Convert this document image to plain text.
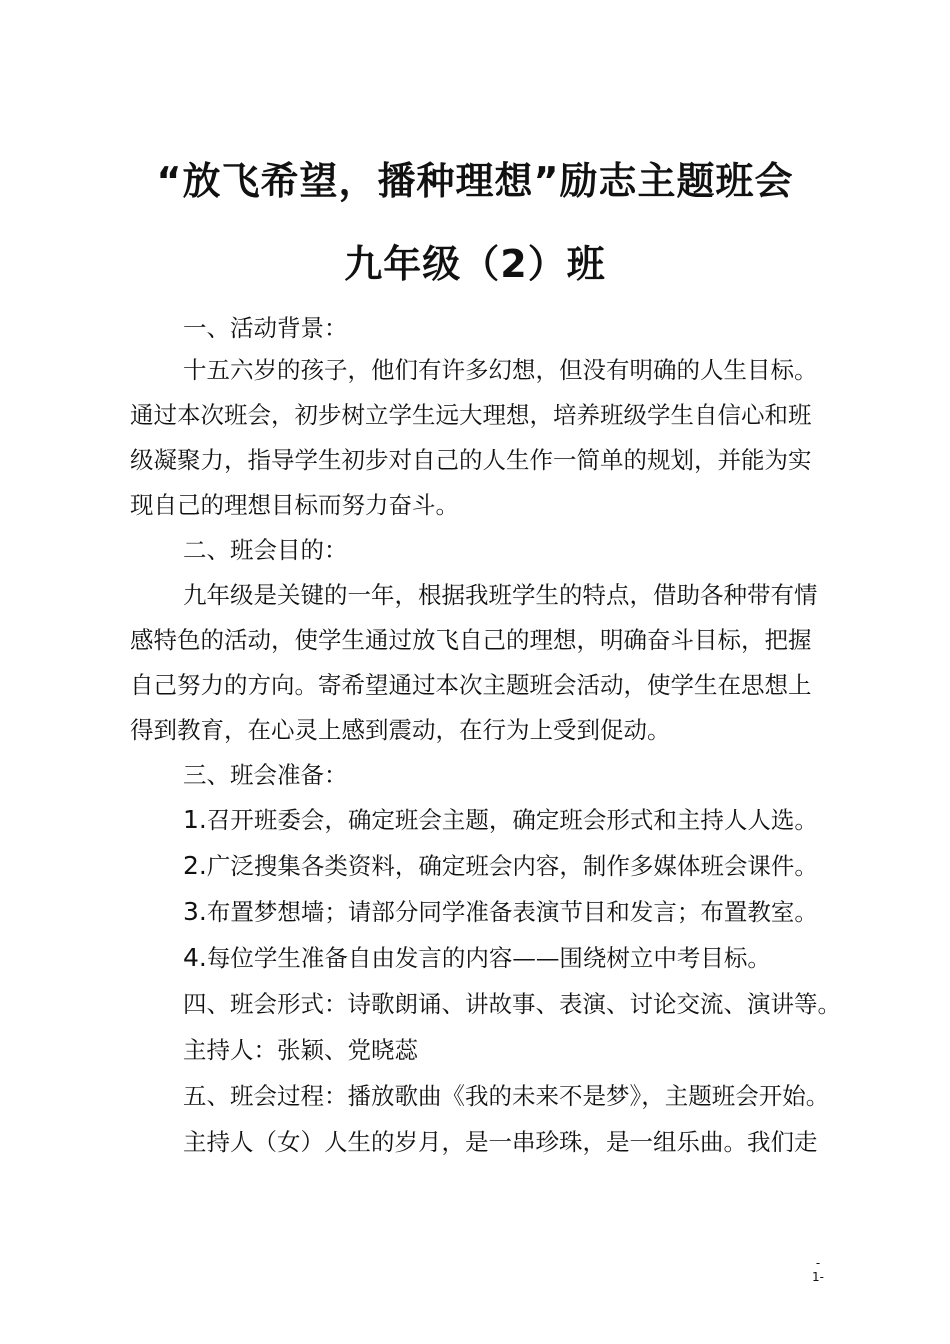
“放飞希望，播种理想”励志主题班会
九年级（2）班
一、活动背景：
十五六岁的孩子，他们有许多幻想，但没有明确的人生目标。
通过本次班会，初步树立学生远大理想，培养班级学生自信心和班
级凝聚力，指导学生初步对自己的人生作一简单的规划，并能为实
现自己的理想目标而努力奋斗。
二、班会目的：
九年级是关键的一年，根据我班学生的特点，借助各种带有情
感特色的活动，使学生通过放飞自己的理想，明确奋斗目标，把握
自己努力的方向。寄希望通过本次主题班会活动，使学生在思想上
得到教育，在心灵上感到震动，在行为上受到促动。
三、班会准备：
1.召开班委会，确定班会主题，确定班会形式和主持人人选。
2.广泛搜集各类资料，确定班会内容，制作多媒体班会课件。
3.布置梦想墙；请部分同学准备表演节目和发言；布置教室。
4.每位学生准备自由发言的内容——围绕树立中考目标。
四、班会形式：诗歌朗诵、讲故事、表演、讨论交流、演讲等。
主持人：张颖、党晓蕊
五、班会过程：播放歌曲《我的未来不是梦》，主题班会开始。
主持人（女）人生的岁月，是一串珍珠，是一组乐曲。我们走
-
1-
